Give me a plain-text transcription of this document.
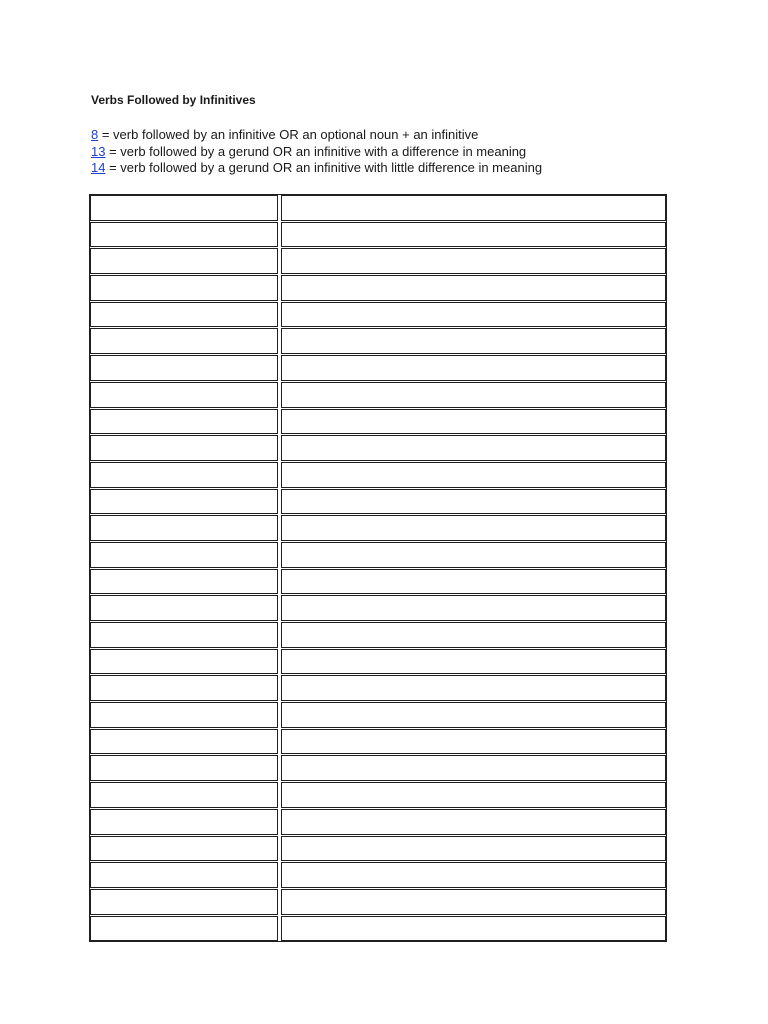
Verbs Followed by Infinitives
8 = verb followed by an infinitive OR an optional noun + an infinitive
13 = verb followed by a gerund OR an infinitive with a difference in meaning
14 = verb followed by a gerund OR an infinitive with little difference in meaning
